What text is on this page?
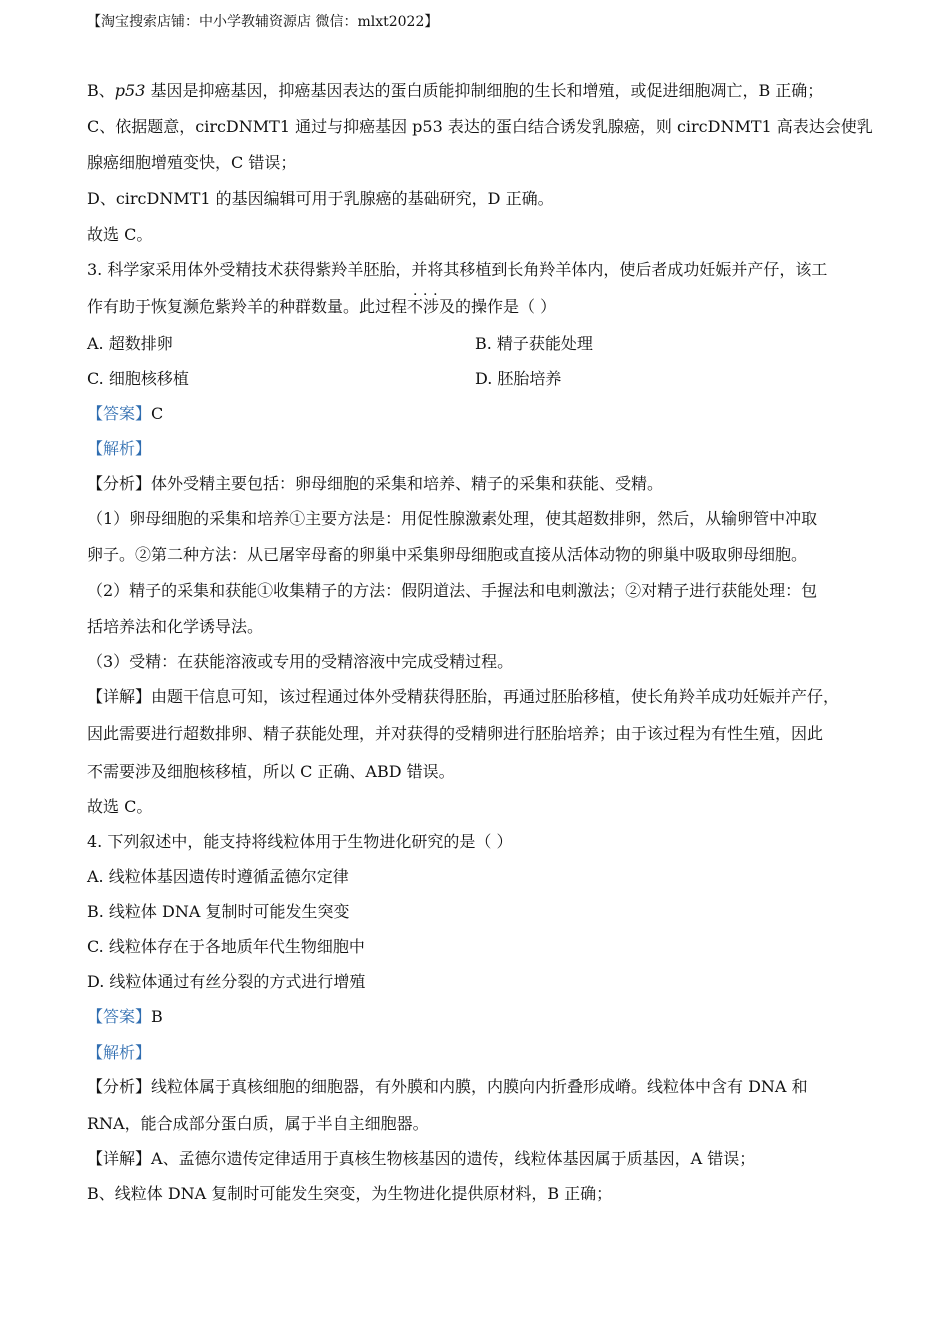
【淘宝搜索店铺：中小学教辅资源店 微信：mlxt2022】
B、p53 基因是抑癌基因，抑癌基因表达的蛋白质能抑制细胞的生长和增殖，或促进细胞凋亡，B 正确；
C、依据题意，circDNMT1 通过与抑癌基因 p53 表达的蛋白结合诱发乳腺癌，则 circDNMT1 高表达会使乳
腺癌细胞增殖变快，C 错误；
D、circDNMT1 的基因编辑可用于乳腺癌的基础研究，D 正确。
故选 C。
3. 科学家采用体外受精技术获得紫羚羊胚胎，并将其移植到长角羚羊体内，使后者成功妊娠并产仔，该工
作有助于恢复濒危紫羚羊的种群数量。此过程·  ·  · 不涉及的操作是（ ）
A. 超数排卵	B. 精子获能处理
C. 细胞核移植	D. 胚胎培养
【答案】C
【解析】
【分析】体外受精主要包括：卵母细胞的采集和培养、精子的采集和获能、受精。
（1）卵母细胞的采集和培养①主要方法是：用促性腺激素处理，使其超数排卵，然后，从输卵管中冲取
卵子。②第二种方法：从已屠宰母畜的卵巢中采集卵母细胞或直接从活体动物的卵巢中吸取卵母细胞。
（2）精子的采集和获能①收集精子的方法：假阴道法、手握法和电刺激法；②对精子进行获能处理：包
括培养法和化学诱导法。
（3）受精：在获能溶液或专用的受精溶液中完成受精过程。
【详解】由题干信息可知，该过程通过体外受精获得胚胎，再通过胚胎移植，使长角羚羊成功妊娠并产仔，
因此需要进行超数排卵、精子获能处理，并对获得的受精卵进行胚胎培养；由于该过程为有性生殖，因此
不需要涉及细胞核移植，所以 C 正确、ABD 错误。
故选 C。
4. 下列叙述中，能支持将线粒体用于生物进化研究的是（ ）
A. 线粒体基因遗传时遵循孟德尔定律
B. 线粒体 DNA 复制时可能发生突变
C. 线粒体存在于各地质年代生物细胞中
D. 线粒体通过有丝分裂的方式进行增殖
【答案】B
【解析】
【分析】线粒体属于真核细胞的细胞器，有外膜和内膜，内膜向内折叠形成嵴。线粒体中含有 DNA 和
RNA，能合成部分蛋白质，属于半自主细胞器。
【详解】A、孟德尔遗传定律适用于真核生物核基因的遗传，线粒体基因属于质基因，A 错误；
B、线粒体 DNA 复制时可能发生突变，为生物进化提供原材料，B 正确；
